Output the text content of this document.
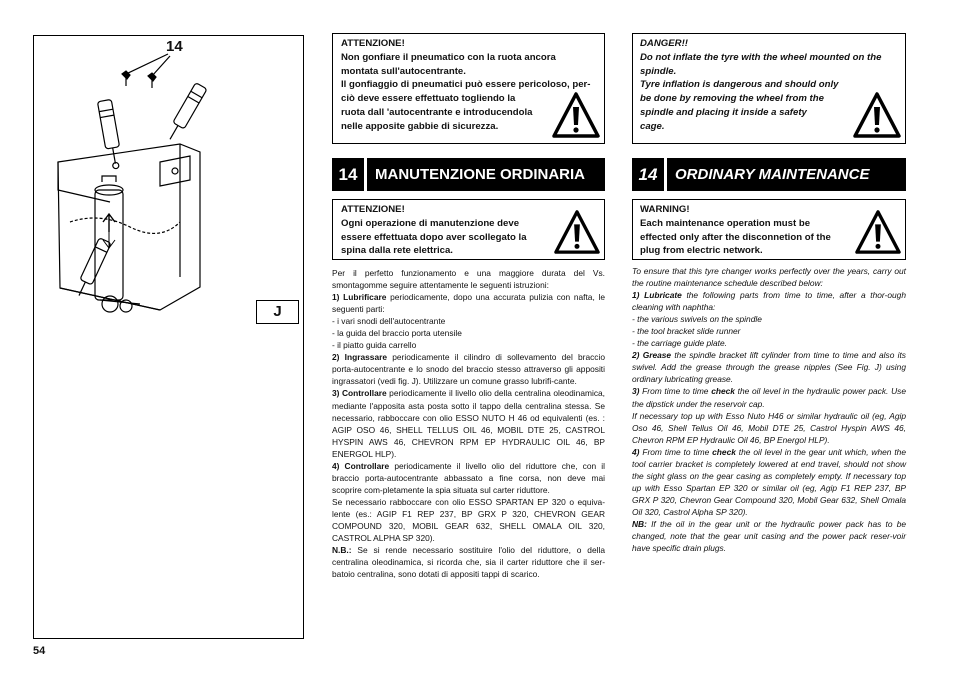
14
J
54
ATTENZIONE!
Non gonfiare il pneumatico con la ruota ancora
montata sull'autocentrante.
Il gonfiaggio di pneumatici può essere pericoloso, per-
ciò deve essere effettuato togliendo la
ruota dall 'autocentrante e introducendola
nelle apposite gabbie di sicurezza.
14	MANUTENZIONE ORDINARIA
ATTENZIONE!
Ogni operazione di manutenzione deve
essere effettuata dopo aver scollegato la
spina dalla rete elettrica.

Per il perfetto funzionamento e una maggiore durata del Vs. smontagomme seguire attentamente le seguenti istruzioni:

1) Lubrificare periodicamente, dopo una accurata pulizia con nafta, le seguenti parti:

- i vari snodi dell'autocentrante

- la guida del braccio porta utensile

- il piatto guida carrello

2) Ingrassare periodicamente il cilindro di sollevamento del braccio porta-autocentrante e lo snodo del braccio stesso attraverso gli appositi ingrassatori (vedi fig. J). Utilizzare un comune grasso lubrifi-cante.

3) Controllare periodicamente il livello olio della centralina oleodinamica, mediante l'apposita asta posta sotto il tappo della centralina stessa. Se necessario, rabboccare con olio ESSO NUTO H 46 od equivalenti (es. : AGIP OSO 46, SHELL TELLUS OIL 46, MOBIL DTE 25, CASTROL HYSPIN AWS 46, CHEVRON RPM EP HYDRAULIC OIL 46, BP ENERGOL HLP).

4) Controllare periodicamente il livello olio del riduttore che, con il braccio porta-autocentrante abbassato a fine corsa, non deve mai scoprire com-pletamente la spia situata sul carter riduttore.

Se necessario rabboccare con olio ESSO SPARTAN EP 320 o equiva-lente (es.: AGIP F1 REP 237, BP GRX P 320, CHEVRON GEAR COMPOUND 320, MOBIL GEAR 632, SHELL OMALA OIL 320, CASTROL ALPHA SP 320).

N.B.: Se si rende necessario sostituire l'olio del riduttore, o della centralina oleodinamica, si ricorda che, sia il carter riduttore che il ser-batoio centralina, sono dotati di appositi tappi di scarico.

DANGER!!
Do not inflate the tyre with the wheel mounted on the
spindle.
Tyre inflation is dangerous and should only
be done by removing the wheel from the
spindle and placing it inside a safety
cage.
14	ORDINARY MAINTENANCE
WARNING!
Each maintenance operation must be
effected only after the disconnetion of the
plug from electric network.

To ensure that this tyre changer works perfectly over the years, carry out the routine maintenance schedule described below:

1) Lubricate the following parts from time to time, after a thor-ough cleaning with naphtha:

- the various swivels on the spindle

- the tool bracket slide runner

- the carriage guide plate.

2) Grease the spindle bracket lift cylinder from time to time and also its swivel. Add the grease through the grease nipples (See Fig. J) using ordinary lubricating grease.

3) From time to time check the oil level in the hydraulic power pack. Use the dipstick under the reservoir cap.

If necessary top up with Esso Nuto H46 or similar hydraulic oil (eg, Agip Oso 46, Shell Tellus Oil 46, Mobil DTE 25, Castrol Hyspin AWS 46, Chevron RPM EP Hydraulic Oil 46, BP Energol HLP).

4) From time to time check the oil level in the gear unit which, when the tool carrier bracket is completely lowered at end travel, should not show the sight glass on the gear casing as completely empty. If necessary top up with Esso Spartan EP 320 or similar oil (eg, Agip F1 REP 237, BP GRX P 320, Chevron Gear Compound 320, Mobil Gear 632, Shell Omala Oil 320, Castrol Alpha SP 320).

NB: If the oil in the gear unit or the hydraulic power pack has to be changed, note that the gear unit casing and the power pack reser-voir have specific drain plugs.
